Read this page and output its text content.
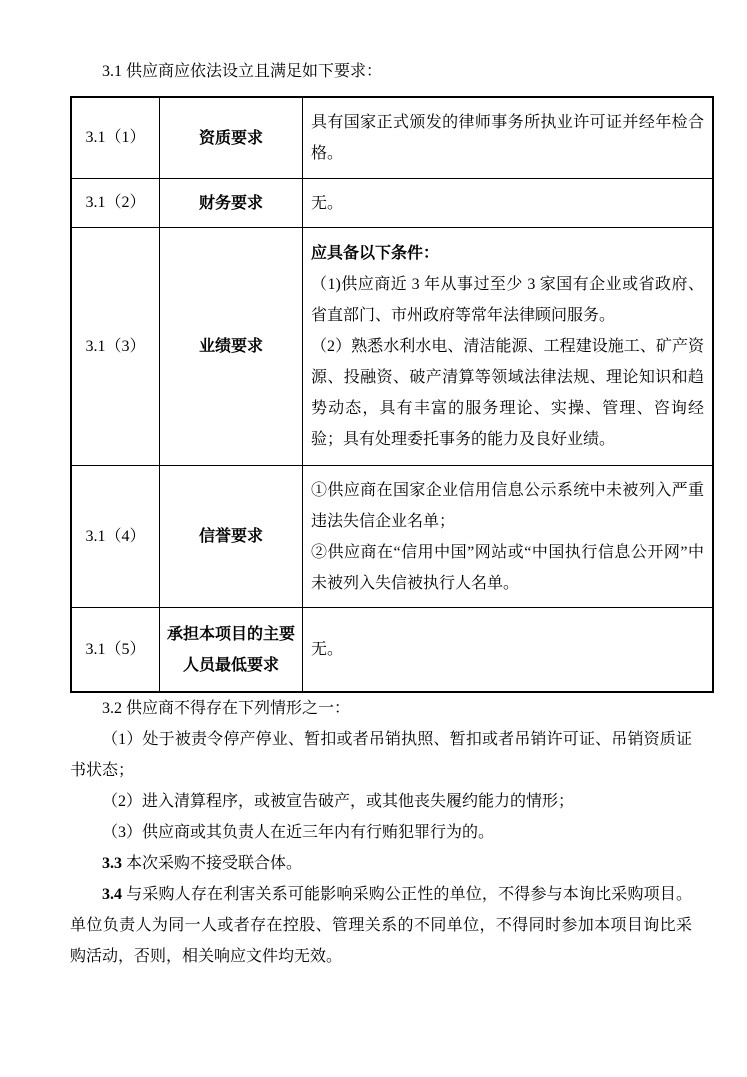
3.1 供应商应依法设立且满足如下要求：

3.1（1）	资质要求	具有国家正式颁发的律师事务所执业许可证并经年检合格。

3.1（2）	财务要求	无。

3.1（3）	业绩要求	应具备以下条件：

（1)供应商近 3 年从事过至少 3 家国有企业或省政府、省直部门、市州政府等常年法律顾问服务。

（2）熟悉水利水电、清洁能源、工程建设施工、矿产资源、投融资、破产清算等领域法律法规、理论知识和趋势动态，具有丰富的服务理论、实操、管理、咨询经验；具有处理委托事务的能力及良好业绩。

3.1（4）	信誉要求	①供应商在国家企业信用信息公示系统中未被列入严重违法失信企业名单；

②供应商在“信用中国”网站或“中国执行信息公开网”中未被列入失信被执行人名单。

3.1（5）	承担本项目的主要人员最低要求	无。

3.2 供应商不得存在下列情形之一：

（1）处于被责令停产停业、暂扣或者吊销执照、暂扣或者吊销许可证、吊销资质证书状态；

（2）进入清算程序，或被宣告破产，或其他丧失履约能力的情形；

（3）供应商或其负责人在近三年内有行贿犯罪行为的。

3.3 本次采购不接受联合体。

3.4 与采购人存在利害关系可能影响采购公正性的单位，不得参与本询比采购项目。单位负责人为同一人或者存在控股、管理关系的不同单位，不得同时参加本项目询比采购活动，否则，相关响应文件均无效。
